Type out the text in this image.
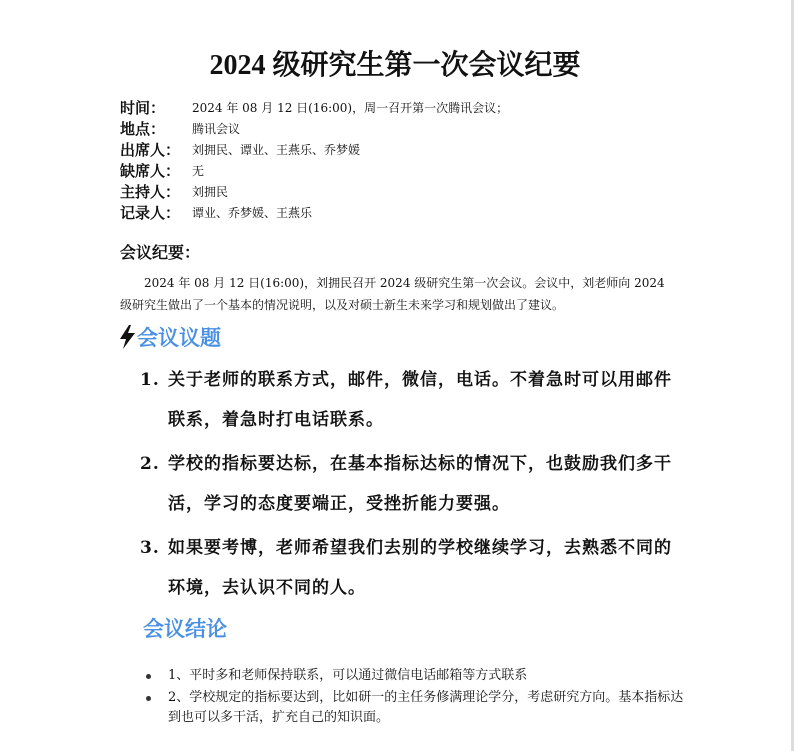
2024 级研究生第一次会议纪要
时间：	2024 年 08 月 12 日(16:00)，周一召开第一次腾讯会议；
地点：	腾讯会议
出席人： 刘拥民、谭业、王燕乐、乔梦媛
缺席人： 无
主持人： 刘拥民
记录人： 谭业、乔梦媛、王燕乐
会议纪要：

2024 年 08 月 12 日(16:00)，刘拥民召开 2024 级研究生第一次会议。会议中，刘老师向 2024 级研究生做出了一个基本的情况说明，以及对硕士新生未来学习和规划做出了建议。

会议议题
1. 关于老师的联系方式，邮件，微信，电话。不着急时可以用邮件联系，着急时打电话联系。
2. 学校的指标要达标，在基本指标达标的情况下，也鼓励我们多干活，学习的态度要端正，受挫折能力要强。
3. 如果要考博，老师希望我们去别的学校继续学习，去熟悉不同的环境，去认识不同的人。
会议结论
1、平时多和老师保持联系，可以通过微信电话邮箱等方式联系
2、学校规定的指标要达到，比如研一的主任务修满理论学分，考虑研究方向。基本指标达到也可以多干活，扩充自己的知识面。
